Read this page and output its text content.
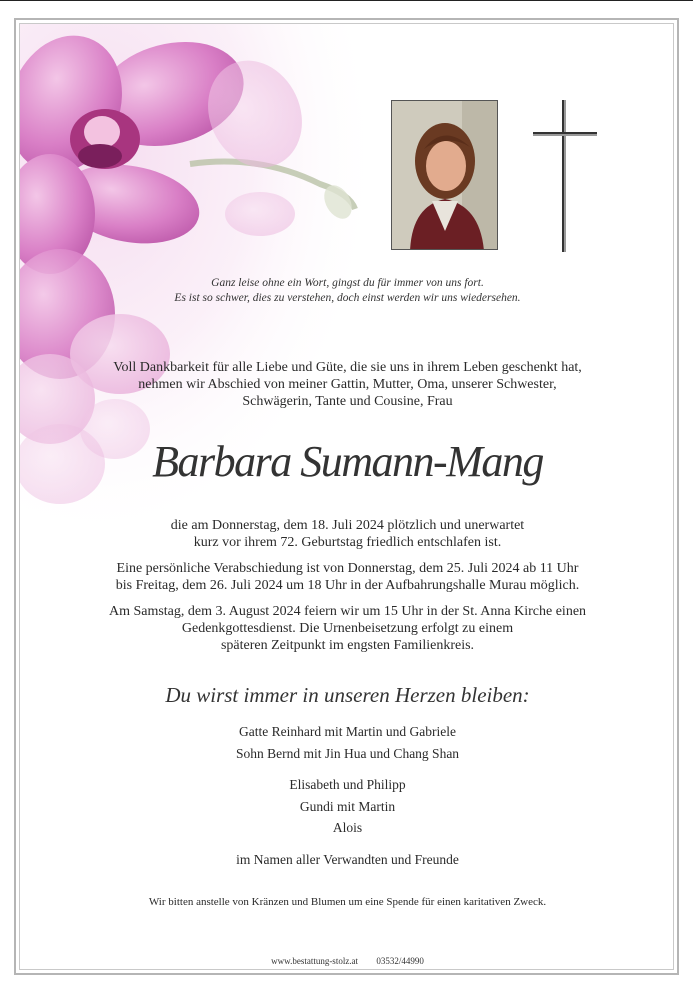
Ganz leise ohne ein Wort, gingst du für immer von uns fort.
Es ist so schwer, dies zu verstehen, doch einst werden wir uns wiedersehen.
Voll Dankbarkeit für alle Liebe und Güte, die sie uns in ihrem Leben geschenkt hat,
nehmen wir Abschied von meiner Gattin, Mutter, Oma, unserer Schwester,
Schwägerin, Tante und Cousine, Frau
Barbara Sumann-Mang
die am Donnerstag, dem 18. Juli 2024 plötzlich und unerwartet
kurz vor ihrem 72. Geburtstag friedlich entschlafen ist.
Eine persönliche Verabschiedung ist von Donnerstag, dem 25. Juli 2024 ab 11 Uhr
bis Freitag, dem 26. Juli 2024 um 18 Uhr in der Aufbahrungshalle Murau möglich.
Am Samstag, dem 3. August 2024 feiern wir um 15 Uhr in der St. Anna Kirche einen
Gedenkgottesdienst. Die Urnenbeisetzung erfolgt zu einem
späteren Zeitpunkt im engsten Familienkreis.
Du wirst immer in unseren Herzen bleiben:
Gatte Reinhard mit Martin und Gabriele
Sohn Bernd mit Jin Hua und Chang Shan
Elisabeth und Philipp
Gundi mit Martin
Alois
im Namen aller Verwandten und Freunde
Wir bitten anstelle von Kränzen und Blumen um eine Spende für einen karitativen Zweck.
www.bestattung-stolz.at 03532/44990
